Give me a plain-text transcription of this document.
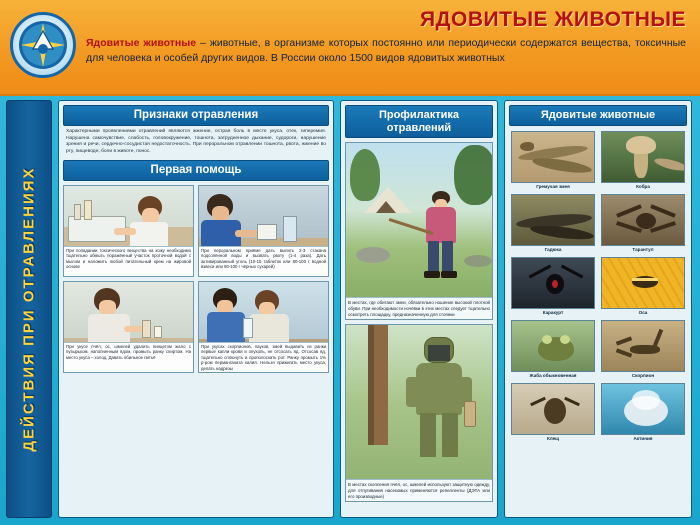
ЯДОВИТЫЕ ЖИВОТНЫЕ
Ядовитые животные – животные, в организме которых постоянно или периодически содержатся вещества, токсичные для человека и особей других видов. В России около 1500 видов ядовитых животных
ДЕЙСТВИЯ ПРИ ОТРАВЛЕНИЯХ
Признаки отравления
Характерными проявлениями отравлений являются жжение, острая боль в месте укуса, отек, гиперемия. Нарушена самочувствие, слабость, головокружение, тошнота, затрудненное дыхание, судороги, нарушение зрения и речи, сердечно-сосудистая недостаточность. При пероральном отравлении тошнота, рвота, жжение во рту, пищеводе, боли в животе, понос.
Первая помощь
При попадании токсического вещества на кожу необходимо тщательно обмыть поражённый участок проточной водой с мылом и наложить любой питательный крем на жировой основе
При пероральном приёме дать выпить 2-3 стакана подсолённой воды и вызвать рвоту (1-4 раза). Дать активированный уголь (10-15 таблеток или 80-100 г водной взвеси или 80-100 г чёрных сухарей)
При укусе пчёл, ос, шмелей удалить пинцетом жало с пузырьком, наполненным ядом, промыть ранку спиртом. На место укуса – холод. Давать обильное питьё
При укусах скорпионов, пауков, змей выдавить из ранки первые капли крови и опухоль, не отсосать яд. Отсосав яд, тщательно сплюнуть и прополоскать рот. Ранку промыть 1% р-ром перманганата калия. Нельзя прижигать место укуса, делать надрезы
Профилактика отравлений
В местах, где обитают змеи, обязательно ношение высокой плотной обуви. При необходимости ночёвки в этих местах следует тщательно осмотреть площадку, предназначенную для стоянки
В местах скопления пчёл, ос, шмелей используют защитную одежду, для отпугивания насекомых применяются репелленты (ДЭТА или его производные)
Ядовитые животные
Гремучая змея	Кобра
Гадюка	Тарантул
Каракурт	Оса
Жаба обыкновенная	Скорпион
Клещ	Актиния
